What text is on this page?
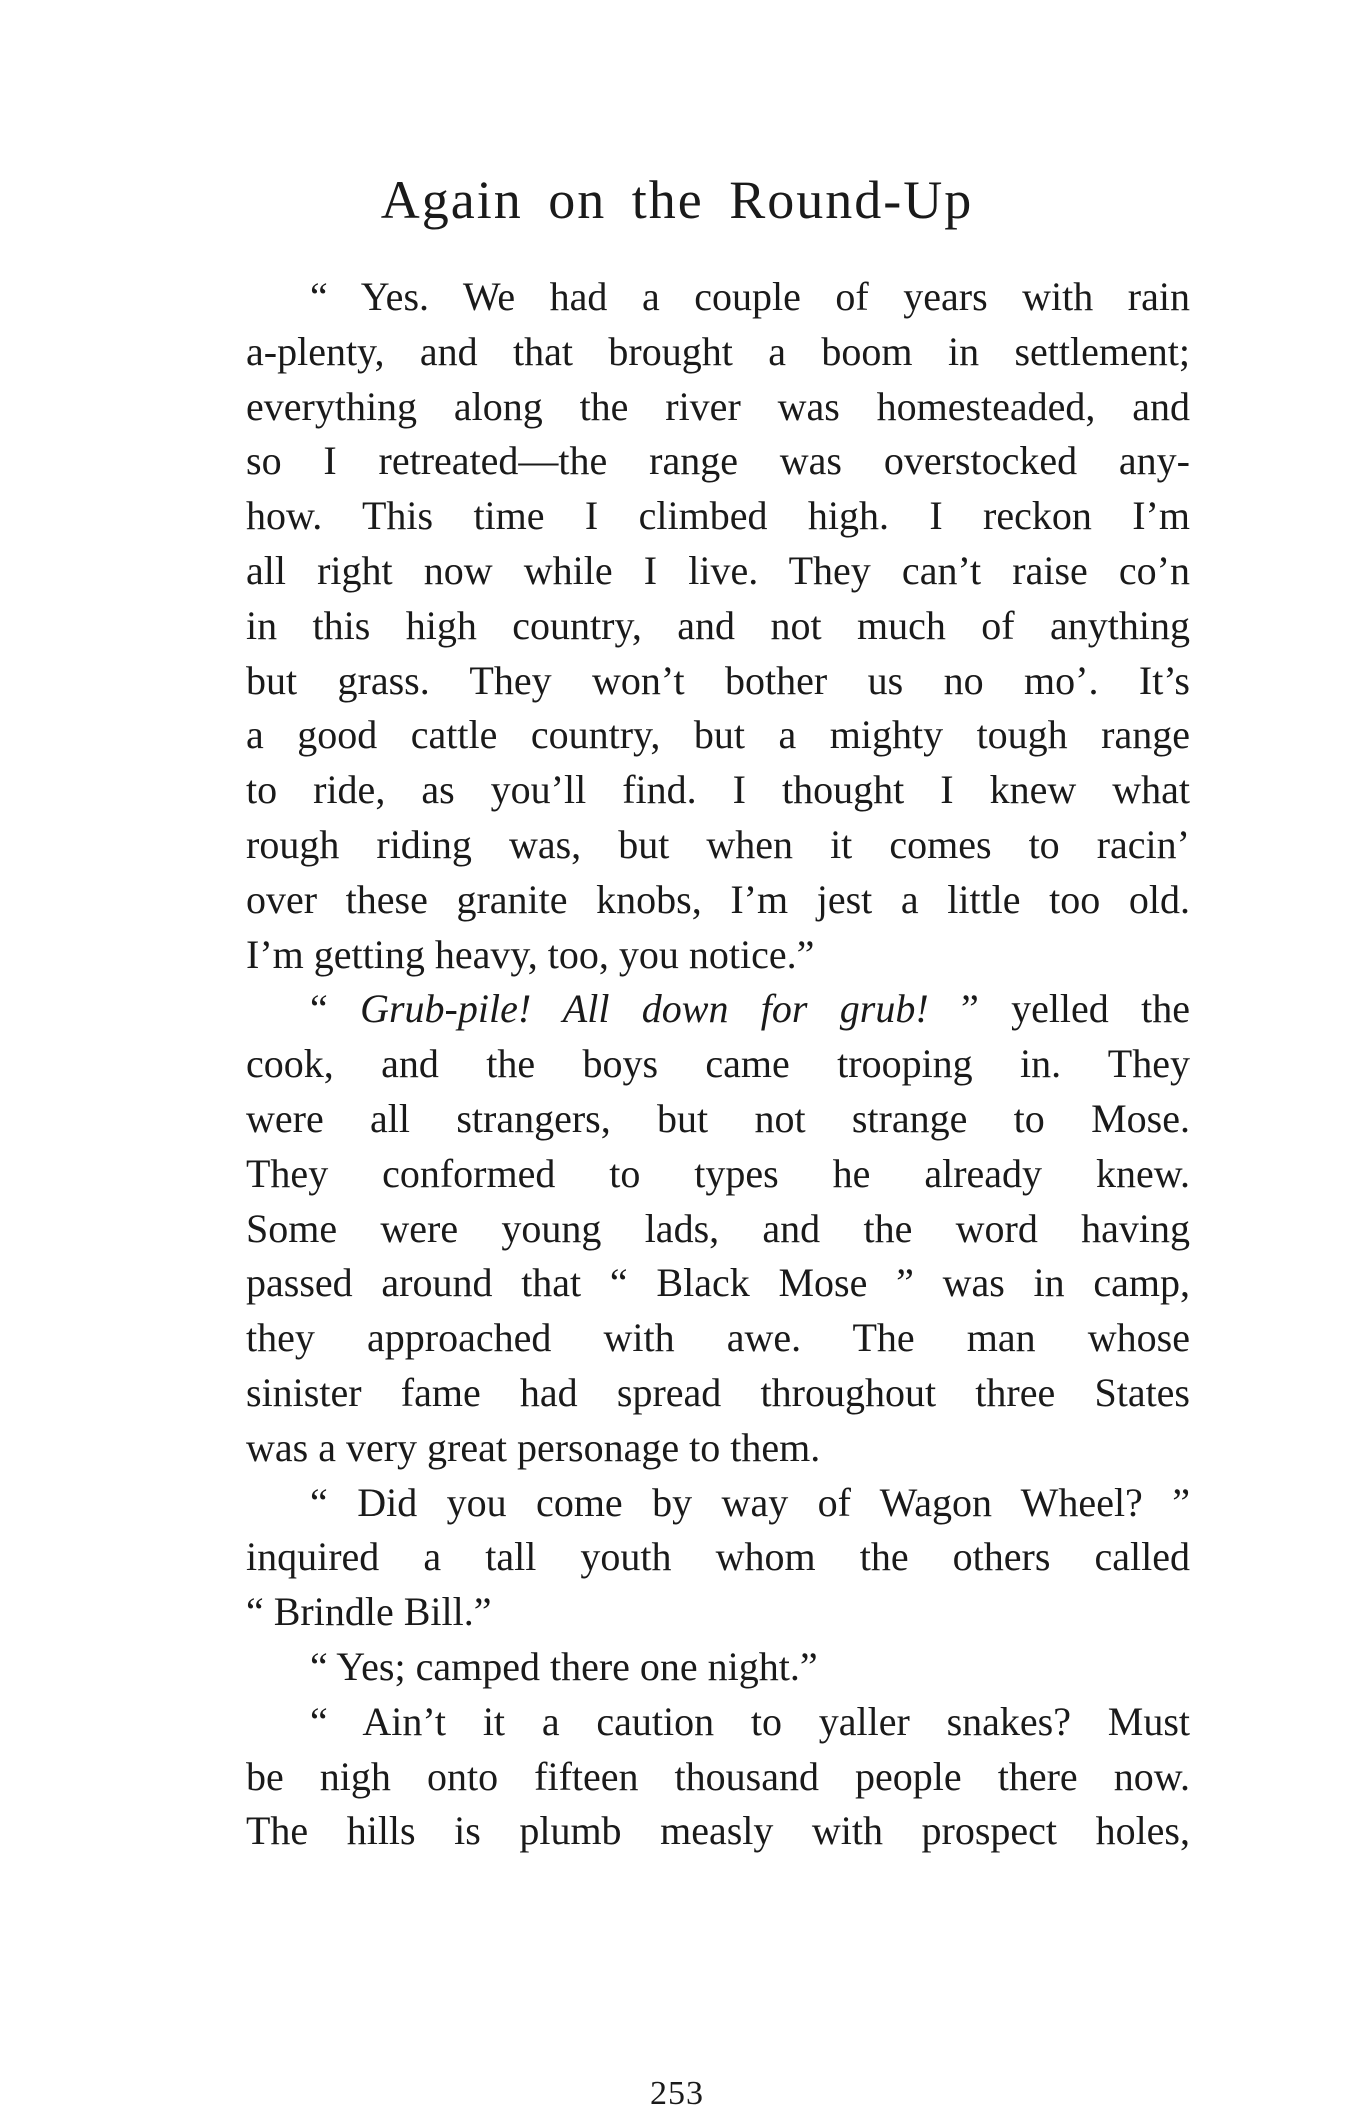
Again on the Round-Up
“ Yes. We had a couple of years with rain
a-plenty, and that brought a boom in settlement;
everything along the river was homesteaded, and
so I retreated—the range was overstocked any-
how. This time I climbed high. I reckon I’m
all right now while I live. They can’t raise co’n
in this high country, and not much of anything
but grass. They won’t bother us no mo’. It’s
a good cattle country, but a mighty tough range
to ride, as you’ll find. I thought I knew what
rough riding was, but when it comes to racin’
over these granite knobs, I’m jest a little too old.
I’m getting heavy, too, you notice.”
“ Grub-pile! All down for grub! ” yelled the
cook, and the boys came trooping in. They
were all strangers, but not strange to Mose.
They conformed to types he already knew.
Some were young lads, and the word having
passed around that “ Black Mose ” was in camp,
they approached with awe. The man whose
sinister fame had spread throughout three States
was a very great personage to them.
“ Did you come by way of Wagon Wheel? ”
inquired a tall youth whom the others called
“ Brindle Bill.”
“ Yes; camped there one night.”
“ Ain’t it a caution to yaller snakes? Must
be nigh onto fifteen thousand people there now.
The hills is plumb measly with prospect holes,
253
